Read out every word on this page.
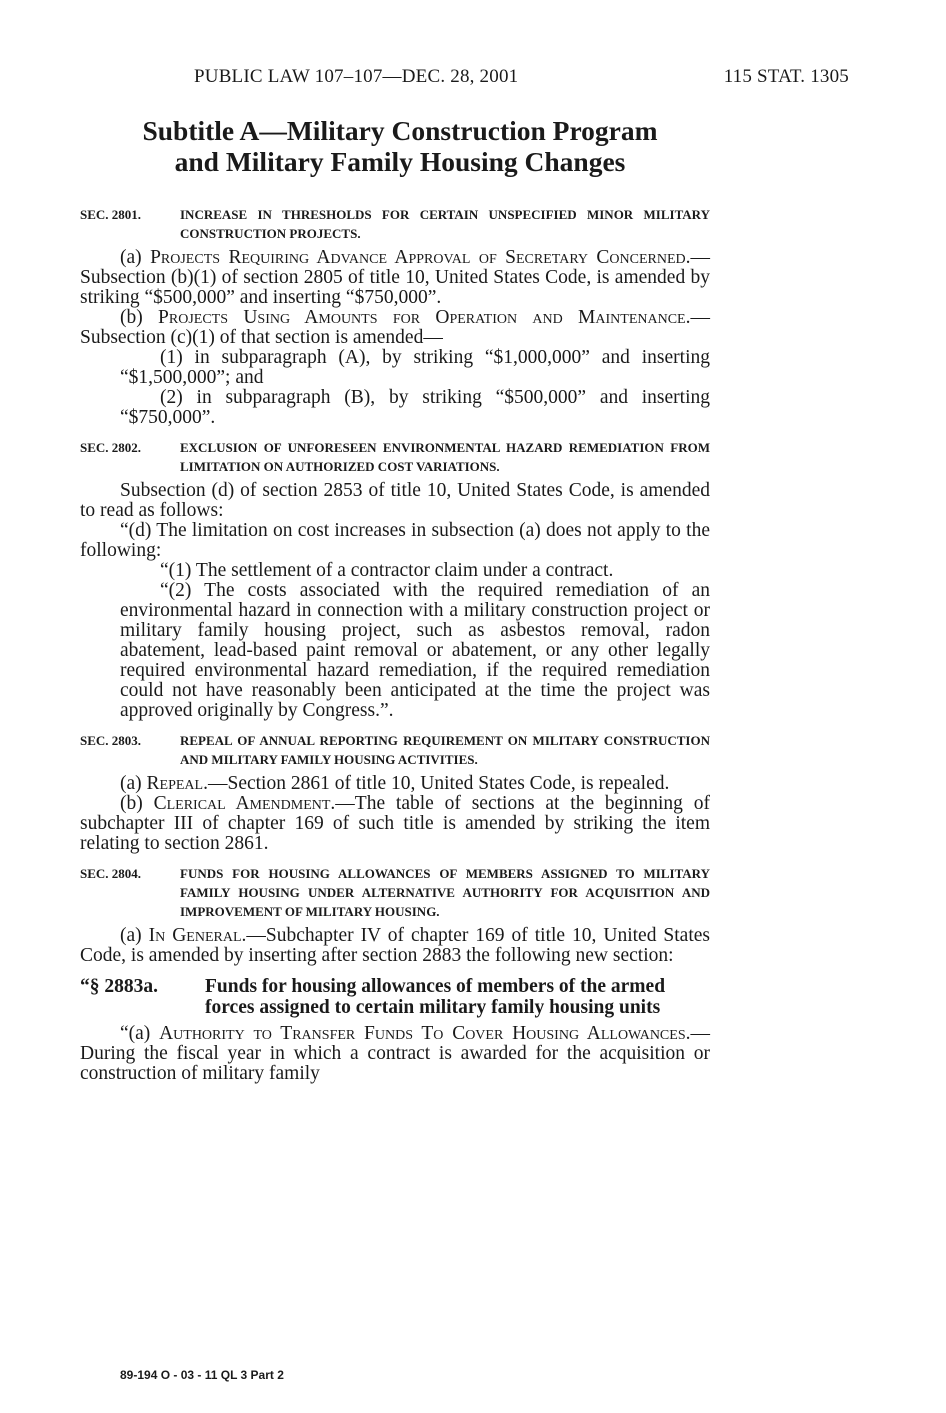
PUBLIC LAW 107–107—DEC. 28, 2001	115 STAT. 1305
Subtitle A—Military Construction Program
and Military Family Housing Changes
SEC. 2801.	INCREASE IN THRESHOLDS FOR CERTAIN UNSPECIFIED MINOR MILITARY CONSTRUCTION PROJECTS.

(a) Projects Requiring Advance Approval of Secretary Concerned.—Subsection (b)(1) of section 2805 of title 10, United States Code, is amended by striking “$500,000” and inserting “$750,000”.

(b) Projects Using Amounts for Operation and Maintenance.—Subsection (c)(1) of that section is amended—

(1) in subparagraph (A), by striking “$1,000,000” and inserting “$1,500,000”; and

(2) in subparagraph (B), by striking “$500,000” and inserting “$750,000”.

SEC. 2802.	EXCLUSION OF UNFORESEEN ENVIRONMENTAL HAZARD REMEDIATION FROM LIMITATION ON AUTHORIZED COST VARIATIONS.

Subsection (d) of section 2853 of title 10, United States Code, is amended to read as follows:

“(d) The limitation on cost increases in subsection (a) does not apply to the following:

“(1) The settlement of a contractor claim under a contract.

“(2) The costs associated with the required remediation of an environmental hazard in connection with a military construction project or military family housing project, such as asbestos removal, radon abatement, lead-based paint removal or abatement, or any other legally required environmental hazard remediation, if the required remediation could not have reasonably been anticipated at the time the project was approved originally by Congress.”.

SEC. 2803.	REPEAL OF ANNUAL REPORTING REQUIREMENT ON MILITARY CONSTRUCTION AND MILITARY FAMILY HOUSING ACTIVITIES.

(a) Repeal.—Section 2861 of title 10, United States Code, is repealed.

(b) Clerical Amendment.—The table of sections at the beginning of subchapter III of chapter 169 of such title is amended by striking the item relating to section 2861.

SEC. 2804.	FUNDS FOR HOUSING ALLOWANCES OF MEMBERS ASSIGNED TO MILITARY FAMILY HOUSING UNDER ALTERNATIVE AUTHORITY FOR ACQUISITION AND IMPROVEMENT OF MILITARY HOUSING.

(a) In General.—Subchapter IV of chapter 169 of title 10, United States Code, is amended by inserting after section 2883 the following new section:

“§ 2883a. Funds for housing allowances of members of the armed forces assigned to certain military family housing units

“(a) Authority to Transfer Funds To Cover Housing Allowances.—During the fiscal year in which a contract is awarded for the acquisition or construction of military family

89-194 O - 03 - 11 QL 3 Part 2
